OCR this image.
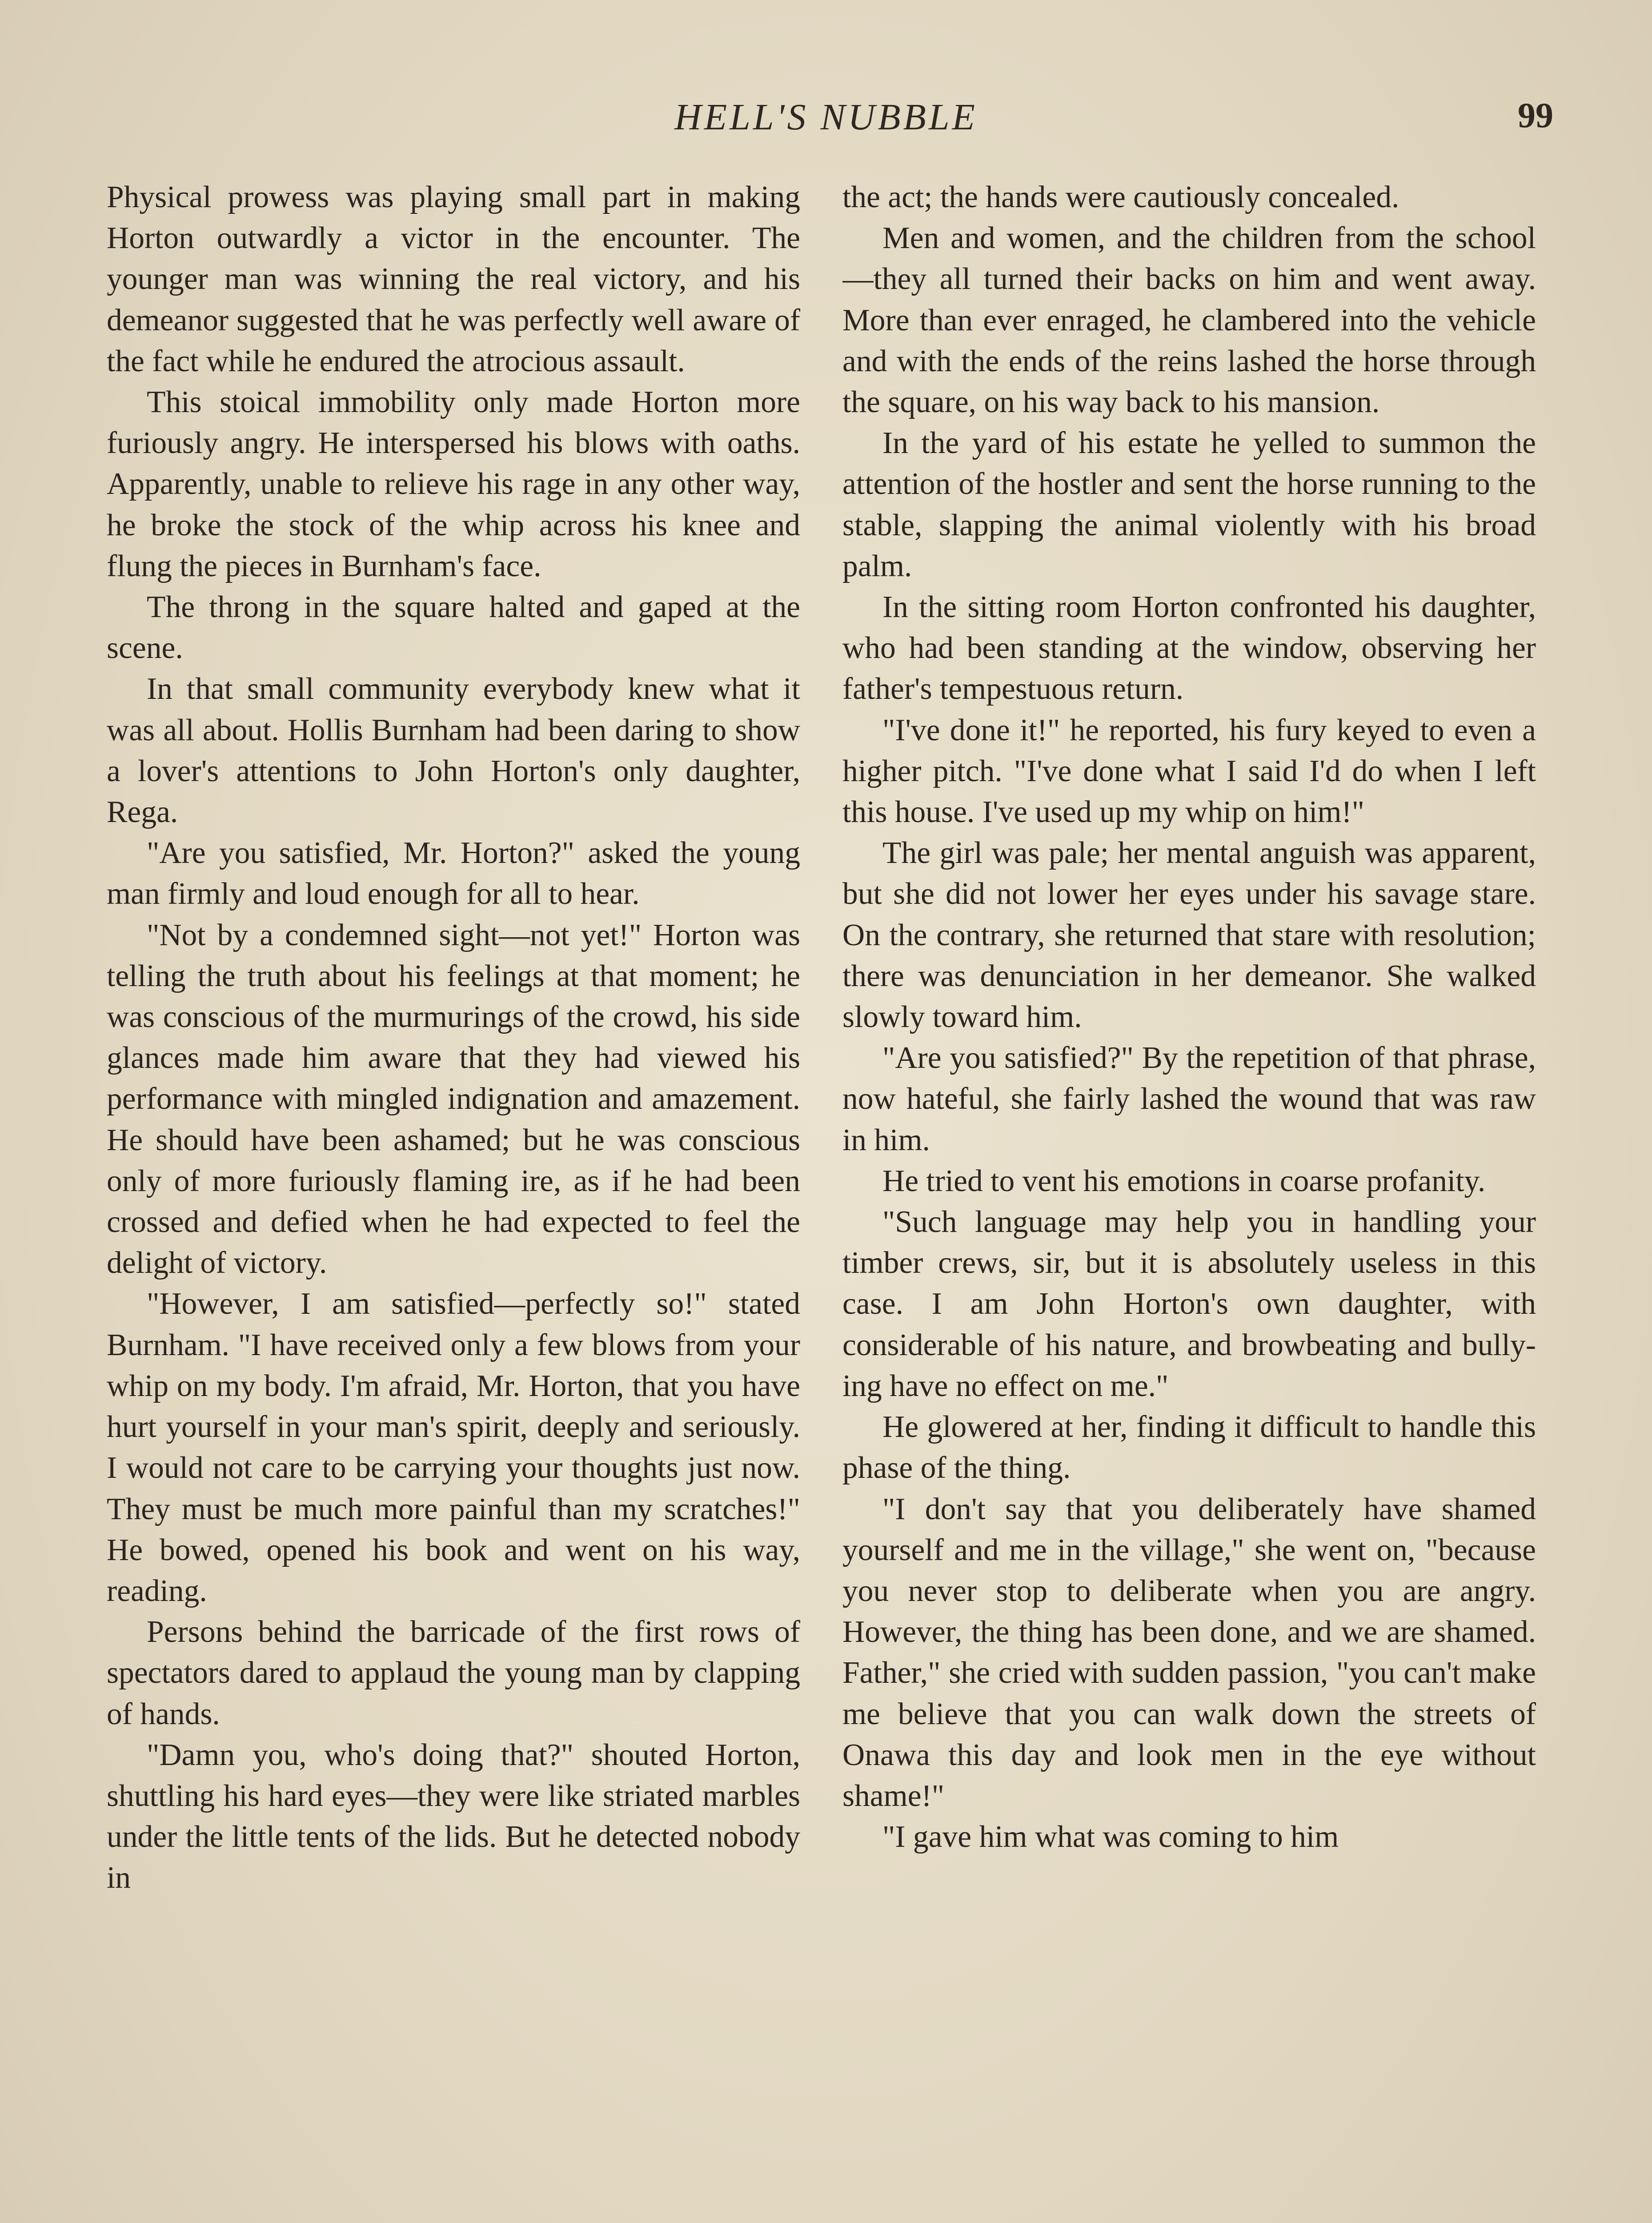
HELL'S NUBBLE	99

Physical prowess was playing small part in making Horton outwardly a victor in the encounter. The younger man was winning the real victory, and his demeanor suggested that he was perfectly well aware of the fact while he endured the atrocious assault.

This stoical immobility only made Horton more furiously angry. He interspersed his blows with oaths. Apparently, unable to relieve his rage in any other way, he broke the stock of the whip across his knee and flung the pieces in Burnham's face.

The throng in the square halted and gaped at the scene.

In that small community everybody knew what it was all about. Hollis Burnham had been daring to show a lover's attentions to John Horton's only daughter, Rega.

"Are you satisfied, Mr. Horton?" asked the young man firmly and loud enough for all to hear.

"Not by a condemned sight—not yet!" Horton was telling the truth about his feelings at that moment; he was conscious of the murmurings of the crowd, his side glances made him aware that they had viewed his performance with mingled indignation and amazement. He should have been ashamed; but he was conscious only of more furiously flaming ire, as if he had been crossed and defied when he had expected to feel the delight of victory.

"However, I am satisfied—perfectly so!" stated Burnham. "I have received only a few blows from your whip on my body. I'm afraid, Mr. Horton, that you have hurt yourself in your man's spirit, deeply and seriously. I would not care to be carrying your thoughts just now. They must be much more painful than my scratches!" He bowed, opened his book and went on his way, reading.

Persons behind the barricade of the first rows of spectators dared to applaud the young man by clapping of hands.

"Damn you, who's doing that?" shouted Horton, shuttling his hard eyes—they were like striated marbles under the little tents of the lids. But he detected nobody in

the act; the hands were cautiously concealed.

Men and women, and the children from the school—they all turned their backs on him and went away. More than ever enraged, he clambered into the vehicle and with the ends of the reins lashed the horse through the square, on his way back to his mansion.

In the yard of his estate he yelled to summon the attention of the hostler and sent the horse running to the stable, slapping the animal violently with his broad palm.

In the sitting room Horton confronted his daughter, who had been standing at the window, observing her father's tempestuous return.

"I've done it!" he reported, his fury keyed to even a higher pitch. "I've done what I said I'd do when I left this house. I've used up my whip on him!"

The girl was pale; her mental anguish was apparent, but she did not lower her eyes under his savage stare. On the contrary, she returned that stare with resolution; there was denunciation in her demeanor. She walked slowly toward him.

"Are you satisfied?" By the repetition of that phrase, now hateful, she fairly lashed the wound that was raw in him.

He tried to vent his emotions in coarse profanity.

"Such language may help you in handling your timber crews, sir, but it is absolutely useless in this case. I am John Horton's own daughter, with considerable of his nature, and browbeating and bullying have no effect on me."

He glowered at her, finding it difficult to handle this phase of the thing.

"I don't say that you deliberately have shamed yourself and me in the village," she went on, "because you never stop to deliberate when you are angry. However, the thing has been done, and we are shamed. Father," she cried with sudden passion, "you can't make me believe that you can walk down the streets of Onawa this day and look men in the eye without shame!"

"I gave him what was coming to him
